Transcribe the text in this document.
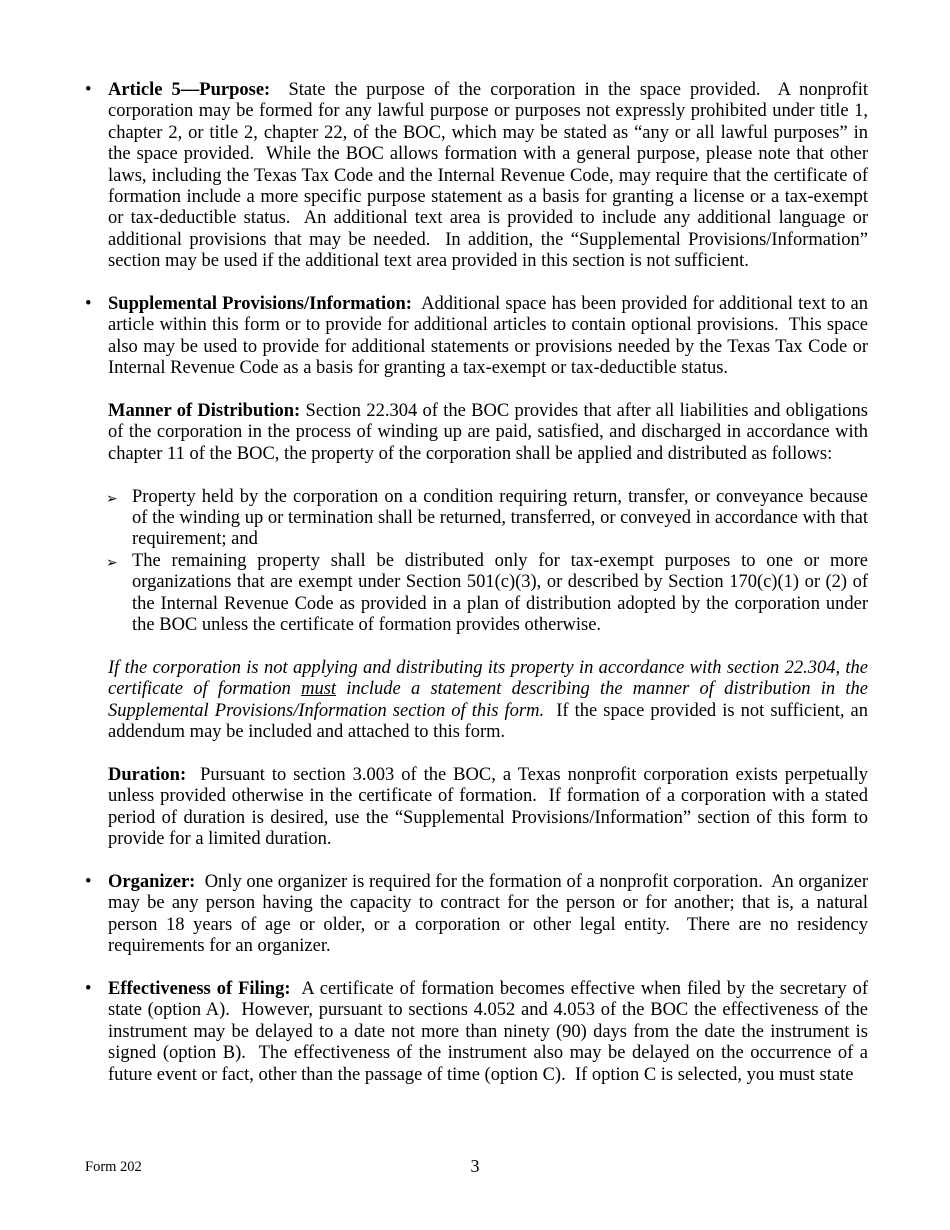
• Article 5—Purpose:  State the purpose of the corporation in the space provided.  A nonprofit corporation may be formed for any lawful purpose or purposes not expressly prohibited under title 1, chapter 2, or title 2, chapter 22, of the BOC, which may be stated as “any or all lawful purposes” in the space provided.  While the BOC allows formation with a general purpose, please note that other laws, including the Texas Tax Code and the Internal Revenue Code, may require that the certificate of formation include a more specific purpose statement as a basis for granting a license or a tax-exempt or tax-deductible status.  An additional text area is provided to include any additional language or additional provisions that may be needed.  In addition, the “Supplemental Provisions/Information” section may be used if the additional text area provided in this section is not sufficient.

• Supplemental Provisions/Information:  Additional space has been provided for additional text to an article within this form or to provide for additional articles to contain optional provisions.  This space also may be used to provide for additional statements or provisions needed by the Texas Tax Code or Internal Revenue Code as a basis for granting a tax-exempt or tax-deductible status.

Manner of Distribution: Section 22.304 of the BOC provides that after all liabilities and obligations of the corporation in the process of winding up are paid, satisfied, and discharged in accordance with chapter 11 of the BOC, the property of the corporation shall be applied and distributed as follows:

➢ Property held by the corporation on a condition requiring return, transfer, or conveyance because of the winding up or termination shall be returned, transferred, or conveyed in accordance with that requirement; and

➢ The remaining property shall be distributed only for tax-exempt purposes to one or more organizations that are exempt under Section 501(c)(3), or described by Section 170(c)(1) or (2) of the Internal Revenue Code as provided in a plan of distribution adopted by the corporation under the BOC unless the certificate of formation provides otherwise.

If the corporation is not applying and distributing its property in accordance with section 22.304, the certificate of formation must include a statement describing the manner of distribution in the Supplemental Provisions/Information section of this form.  If the space provided is not sufficient, an addendum may be included and attached to this form.

Duration:  Pursuant to section 3.003 of the BOC, a Texas nonprofit corporation exists perpetually unless provided otherwise in the certificate of formation.  If formation of a corporation with a stated period of duration is desired, use the “Supplemental Provisions/Information” section of this form to provide for a limited duration.

• Organizer:  Only one organizer is required for the formation of a nonprofit corporation.  An organizer may be any person having the capacity to contract for the person or for another; that is, a natural person 18 years of age or older, or a corporation or other legal entity.  There are no residency requirements for an organizer.

• Effectiveness of Filing:  A certificate of formation becomes effective when filed by the secretary of state (option A).  However, pursuant to sections 4.052 and 4.053 of the BOC the effectiveness of the instrument may be delayed to a date not more than ninety (90) days from the date the instrument is signed (option B).  The effectiveness of the instrument also may be delayed on the occurrence of a future event or fact, other than the passage of time (option C).  If option C is selected, you must state

Form 202	3
